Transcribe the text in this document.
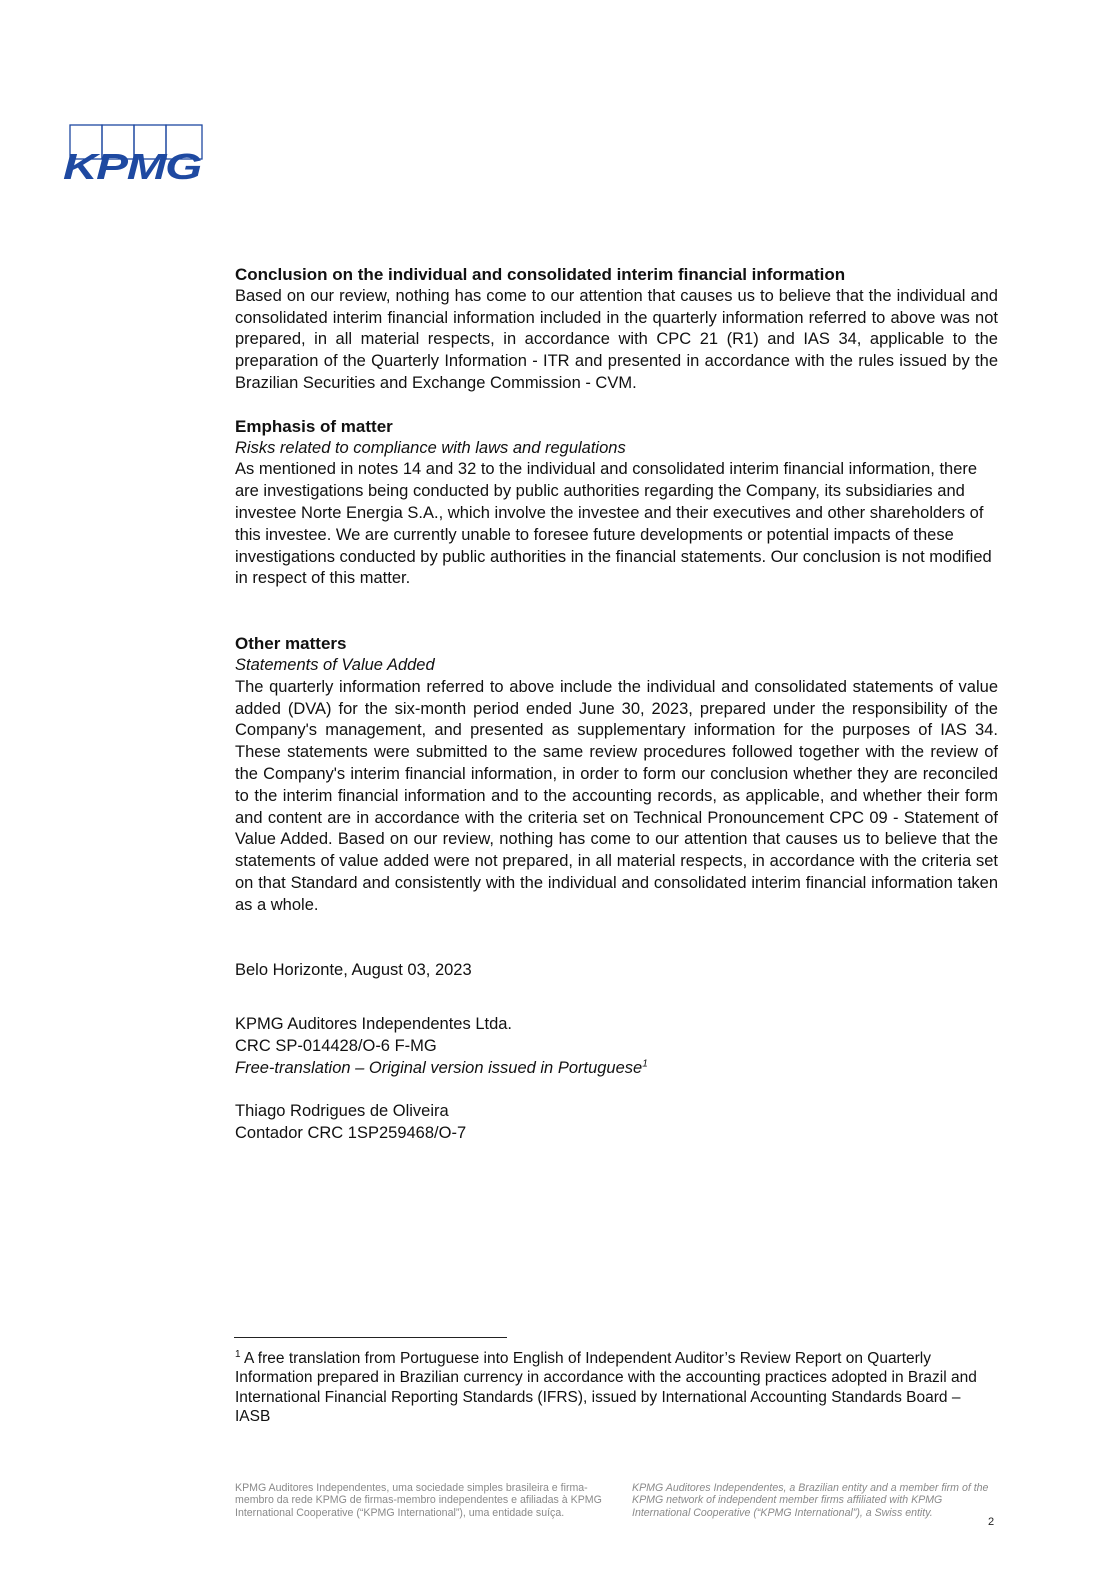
KPMG

Conclusion on the individual and consolidated interim financial information

Based on our review, nothing has come to our attention that causes us to believe that the individual and consolidated interim financial information included in the quarterly information referred to above was not prepared, in all material respects, in accordance with CPC 21 (R1) and IAS 34, applicable to the preparation of the Quarterly Information - ITR and presented in accordance with the rules issued by the Brazilian Securities and Exchange Commission - CVM.

Emphasis of matter

Risks related to compliance with laws and regulations

As mentioned in notes 14 and 32 to the individual and consolidated interim financial information, there are investigations being conducted by public authorities regarding the Company, its subsidiaries and investee Norte Energia S.A., which involve the investee and their executives and other shareholders of this investee. We are currently unable to foresee future developments or potential impacts of these investigations conducted by public authorities in the financial statements. Our conclusion is not modified in respect of this matter.

Other matters

Statements of Value Added

The quarterly information referred to above include the individual and consolidated statements of value added (DVA) for the six-month period ended June 30, 2023, prepared under the responsibility of the Company's management, and presented as supplementary information for the purposes of IAS 34. These statements were submitted to the same review procedures followed together with the review of the Company's interim financial information, in order to form our conclusion whether they are reconciled to the interim financial information and to the accounting records, as applicable, and whether their form and content are in accordance with the criteria set on Technical Pronouncement CPC 09 - Statement of Value Added. Based on our review, nothing has come to our attention that causes us to believe that the statements of value added were not prepared, in all material respects, in accordance with the criteria set on that Standard and consistently with the individual and consolidated interim financial information taken as a whole.

Belo Horizonte, August 03, 2023

KPMG Auditores Independentes Ltda.

CRC SP-014428/O-6 F-MG

Free-translation – Original version issued in Portuguese$^1$

Thiago Rodrigues de Oliveira

Contador CRC 1SP259468/O-7

$^1$ A free translation from Portuguese into English of Independent Auditor’s Review Report on Quarterly Information prepared in Brazilian currency in accordance with the accounting practices adopted in Brazil and International Financial Reporting Standards (IFRS), issued by International Accounting Standards Board – IASB

KPMG Auditores Independentes, uma sociedade simples brasileira e firma-membro da rede KPMG de firmas-membro independentes e afiliadas à KPMG International Cooperative (“KPMG International”), uma entidade suíça.

KPMG Auditores Independentes, a Brazilian entity and a member firm of the KPMG network of independent member firms affiliated with KPMG International Cooperative (“KPMG International”), a Swiss entity.

2
